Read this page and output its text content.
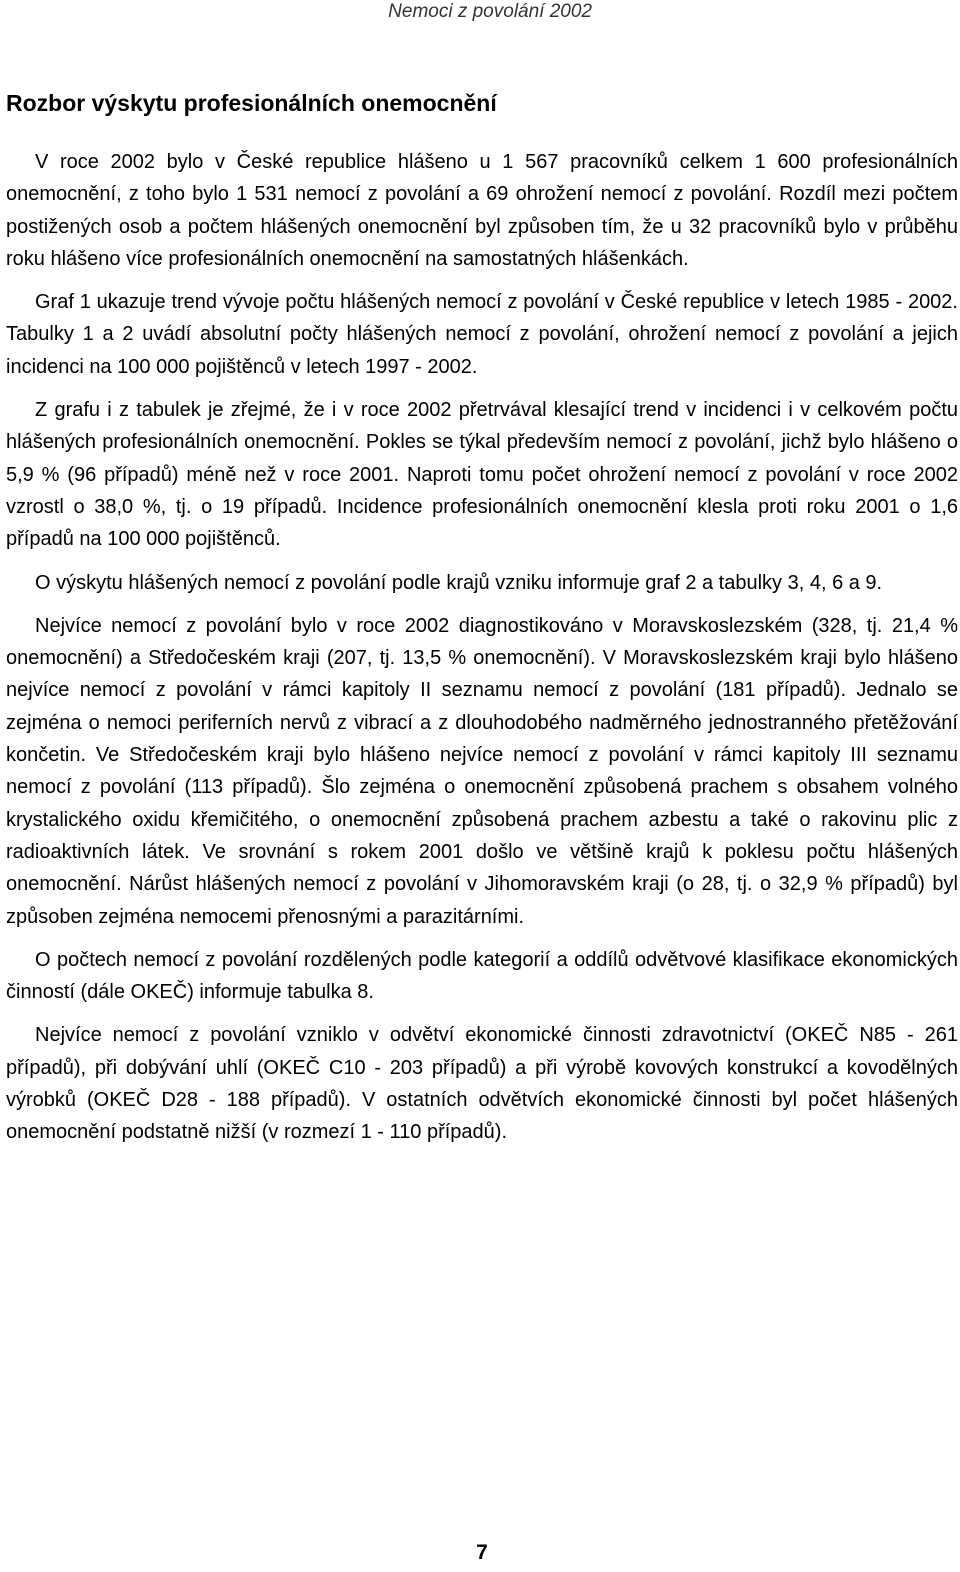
Nemoci z povolání 2002
Rozbor výskytu profesionálních onemocnění

V roce 2002 bylo v České republice hlášeno u 1 567 pracovníků celkem 1 600 profesionálních onemocnění, z toho bylo 1 531 nemocí z povolání a 69 ohrožení nemocí z povolání. Rozdíl mezi počtem postižených osob a počtem hlášených onemocnění byl způsoben tím, že u 32 pracovníků bylo v průběhu roku hlášeno více profesionálních onemocnění na samostatných hlášenkách.

Graf 1 ukazuje trend vývoje počtu hlášených nemocí z povolání v České republice v letech 1985 - 2002. Tabulky 1 a 2 uvádí absolutní počty hlášených nemocí z povolání, ohrožení nemocí z povolání a jejich incidenci na 100 000 pojištěnců v letech 1997 - 2002.

Z grafu i z tabulek je zřejmé, že i v roce 2002 přetrvával klesající trend v incidenci i v celkovém počtu hlášených profesionálních onemocnění. Pokles se týkal především nemocí z povolání, jichž bylo hlášeno o 5,9 % (96 případů) méně než v roce 2001. Naproti tomu počet ohrožení nemocí z povolání v roce 2002 vzrostl o 38,0 %, tj. o 19 případů. Incidence profesionálních onemocnění klesla proti roku 2001 o 1,6 případů na 100 000 pojištěnců.

O výskytu hlášených nemocí z povolání podle krajů vzniku informuje graf 2 a tabulky 3, 4, 6 a 9.

Nejvíce nemocí z povolání bylo v roce 2002 diagnostikováno v Moravskoslezském (328, tj. 21,4 % onemocnění) a Středočeském kraji (207, tj. 13,5 % onemocnění). V Moravskoslezském kraji bylo hlášeno nejvíce nemocí z povolání v rámci kapitoly II seznamu nemocí z povolání (181 případů). Jednalo se zejména o nemoci periferních nervů z vibrací a z dlouhodobého nadměrného jednostranného přetěžování končetin. Ve Středočeském kraji bylo hlášeno nejvíce nemocí z povolání v rámci kapitoly III seznamu nemocí z povolání (113 případů). Šlo zejména o onemocnění způsobená prachem s obsahem volného krystalického oxidu křemičitého, o onemocnění způsobená prachem azbestu a také o rakovinu plic z radioaktivních látek. Ve srovnání s rokem 2001 došlo ve většině krajů k poklesu počtu hlášených onemocnění. Nárůst hlášených nemocí z povolání v Jihomoravském kraji (o 28, tj. o 32,9 % případů) byl způsoben zejména nemocemi přenosnými a parazitárními.

O počtech nemocí z povolání rozdělených podle kategorií a oddílů odvětvové klasifikace ekonomických činností (dále OKEČ) informuje tabulka 8.

Nejvíce nemocí z povolání vzniklo v odvětví ekonomické činnosti zdravotnictví (OKEČ N85 - 261 případů), při dobývání uhlí (OKEČ C10 - 203 případů) a při výrobě kovových konstrukcí a kovodělných výrobků (OKEČ D28 - 188 případů). V ostatních odvětvích ekonomické činnosti byl počet hlášených onemocnění podstatně nižší (v rozmezí 1 - 110 případů).

7
